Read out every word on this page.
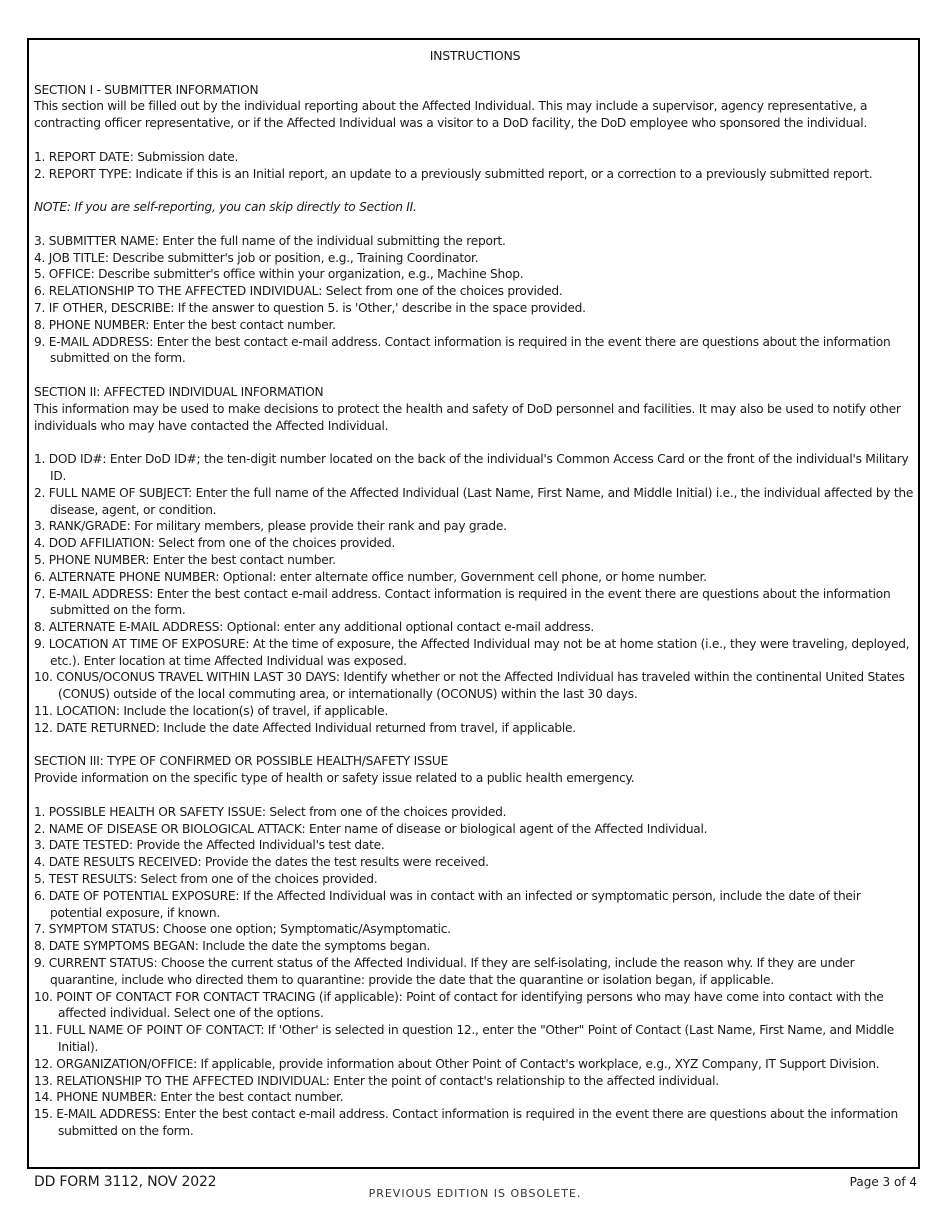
INSTRUCTIONS

SECTION I - SUBMITTER INFORMATION

This section will be filled out by the individual reporting about the Affected Individual. This may include a supervisor, agency representative, a contracting officer representative, or if the Affected Individual was a visitor to a DoD facility, the DoD employee who sponsored the individual.

1. REPORT DATE: Submission date.

2. REPORT TYPE: Indicate if this is an Initial report, an update to a previously submitted report, or a correction to a previously submitted report.

NOTE: If you are self-reporting, you can skip directly to Section II.

3. SUBMITTER NAME: Enter the full name of the individual submitting the report.

4. JOB TITLE: Describe submitter's job or position, e.g., Training Coordinator.

5. OFFICE: Describe submitter's office within your organization, e.g., Machine Shop.

6. RELATIONSHIP TO THE AFFECTED INDIVIDUAL: Select from one of the choices provided.

7. IF OTHER, DESCRIBE: If the answer to question 5. is 'Other,' describe in the space provided.

8. PHONE NUMBER: Enter the best contact number.

9. E-MAIL ADDRESS: Enter the best contact e-mail address. Contact information is required in the event there are questions about the information submitted on the form.

SECTION II: AFFECTED INDIVIDUAL INFORMATION

This information may be used to make decisions to protect the health and safety of DoD personnel and facilities. It may also be used to notify other individuals who may have contacted the Affected Individual.

1. DOD ID#: Enter DoD ID#; the ten-digit number located on the back of the individual's Common Access Card or the front of the individual's Military ID.

2. FULL NAME OF SUBJECT: Enter the full name of the Affected Individual (Last Name, First Name, and Middle Initial) i.e., the individual affected by the disease, agent, or condition.

3. RANK/GRADE: For military members, please provide their rank and pay grade.

4. DOD AFFILIATION: Select from one of the choices provided.

5. PHONE NUMBER: Enter the best contact number.

6. ALTERNATE PHONE NUMBER: Optional: enter alternate office number, Government cell phone, or home number.

7. E-MAIL ADDRESS: Enter the best contact e-mail address. Contact information is required in the event there are questions about the information submitted on the form.

8. ALTERNATE E-MAIL ADDRESS: Optional: enter any additional optional contact e-mail address.

9. LOCATION AT TIME OF EXPOSURE: At the time of exposure, the Affected Individual may not be at home station (i.e., they were traveling, deployed, etc.). Enter location at time Affected Individual was exposed.

10. CONUS/OCONUS TRAVEL WITHIN LAST 30 DAYS: Identify whether or not the Affected Individual has traveled within the continental United States (CONUS) outside of the local commuting area, or internationally (OCONUS) within the last 30 days.

11. LOCATION: Include the location(s) of travel, if applicable.

12. DATE RETURNED: Include the date Affected Individual returned from travel, if applicable.

SECTION III: TYPE OF CONFIRMED OR POSSIBLE HEALTH/SAFETY ISSUE

Provide information on the specific type of health or safety issue related to a public health emergency.

1. POSSIBLE HEALTH OR SAFETY ISSUE: Select from one of the choices provided.

2. NAME OF DISEASE OR BIOLOGICAL ATTACK: Enter name of disease or biological agent of the Affected Individual.

3. DATE TESTED: Provide the Affected Individual's test date.

4. DATE RESULTS RECEIVED: Provide the dates the test results were received.

5. TEST RESULTS: Select from one of the choices provided.

6. DATE OF POTENTIAL EXPOSURE: If the Affected Individual was in contact with an infected or symptomatic person, include the date of their potential exposure, if known.

7. SYMPTOM STATUS: Choose one option; Symptomatic/Asymptomatic.

8. DATE SYMPTOMS BEGAN: Include the date the symptoms began.

9. CURRENT STATUS: Choose the current status of the Affected Individual. If they are self-isolating, include the reason why. If they are under quarantine, include who directed them to quarantine: provide the date that the quarantine or isolation began, if applicable.

10. POINT OF CONTACT FOR CONTACT TRACING (if applicable): Point of contact for identifying persons who may have come into contact with the affected individual. Select one of the options.

11. FULL NAME OF POINT OF CONTACT: If 'Other' is selected in question 12., enter the "Other" Point of Contact (Last Name, First Name, and Middle Initial).

12. ORGANIZATION/OFFICE: If applicable, provide information about Other Point of Contact's workplace, e.g., XYZ Company, IT Support Division.

13. RELATIONSHIP TO THE AFFECTED INDIVIDUAL: Enter the point of contact's relationship to the affected individual.

14. PHONE NUMBER: Enter the best contact number.

15. E-MAIL ADDRESS: Enter the best contact e-mail address. Contact information is required in the event there are questions about the information submitted on the form.

DD FORM 3112, NOV 2022
PREVIOUS EDITION IS OBSOLETE.
Page 3 of 4
